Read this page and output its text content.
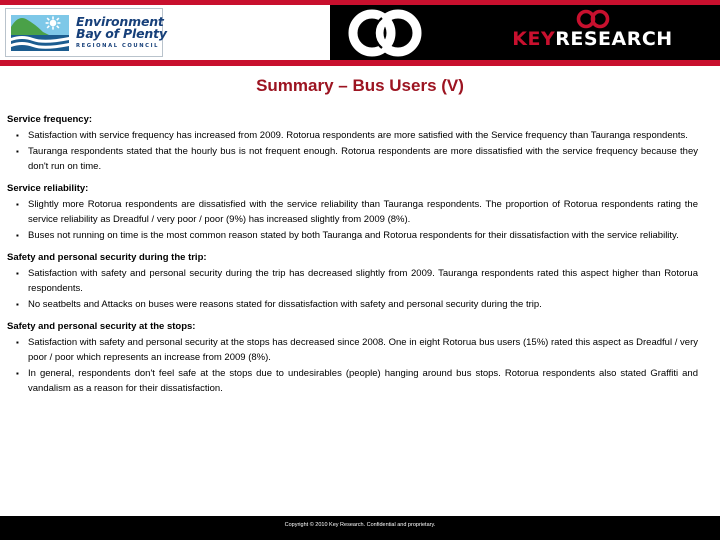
KEYRESEARCH
Environment
Bay of Plenty
REGIONAL COUNCIL
Summary – Bus Users (V)
Service frequency:
▪ Satisfaction with service frequency has increased from 2009. Rotorua respondents are more satisfied with the Service frequency than Tauranga respondents.
▪ Tauranga respondents stated that the hourly bus is not frequent enough. Rotorua respondents are more dissatisfied with the service frequency because they don't run on time.
Service reliability:
▪ Slightly more Rotorua respondents are dissatisfied with the service reliability than Tauranga respondents. The proportion of Rotorua respondents rating the service reliability as Dreadful / very poor / poor (9%) has increased slightly from 2009 (8%).
▪ Buses not running on time is the most common reason stated by both Tauranga and Rotorua respondents for their dissatisfaction with the service reliability.
Safety and personal security during the trip:
▪ Satisfaction with safety and personal security during the trip has decreased slightly from 2009. Tauranga respondents rated this aspect higher than Rotorua respondents.
▪ No seatbelts and Attacks on buses were reasons stated for dissatisfaction with safety and personal security during the trip.
Safety and personal security at the stops:
▪ Satisfaction with safety and personal security at the stops has decreased since 2008. One in eight Rotorua bus users (15%) rated this aspect as Dreadful / very poor / poor which represents an increase from 2009 (8%).
▪ In general, respondents don't feel safe at the stops due to undesirables (people) hanging around bus stops. Rotorua respondents also stated Graffiti and vandalism as a reason for their dissatisfaction.
Copyright © 2010 Key Research. Confidential and proprietary.
